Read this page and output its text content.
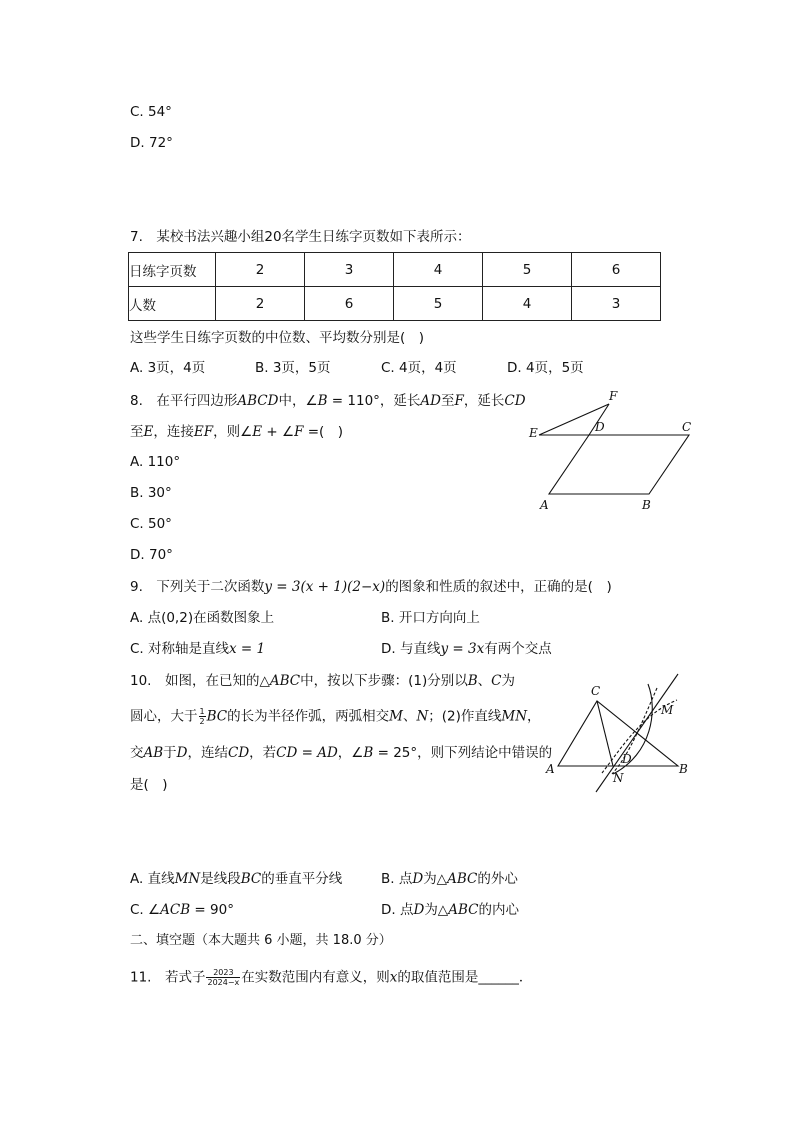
C. 54°
D. 72°
7.　某校书法兴趣小组20名学生日练字页数如下表所示：
日练字页数	2	3	4	5	6
人数	2	6	5	4	3
这些学生日练字页数的中位数、平均数分别是(　)
A. 3页，4页	B. 3页，5页	C. 4页，4页	D. 4页，5页
8.　在平行四边形ABCD中，∠B = 110°，延长AD至F，延长CD
至E，连接EF，则∠E + ∠F =(　)
A. 110°
B. 30°
C. 50°
D. 70°
F
E	D	C
A	B
9.　下列关于二次函数y = 3(x + 1)(2−x)的图象和性质的叙述中，正确的是(　)
A. 点(0,2)在函数图象上	B. 开口方向向上
C. 对称轴是直线x = 1	D. 与直线y = 3x有两个交点
10.　如图，在已知的△ABC中，按以下步骤：(1)分别以B、C为
圆心，大于 $\frac{1}{2}$ BC的长为半径作弧，两弧相交M、N；(2)作直线MN，
交AB于D，连结CD，若CD = AD，∠B = 25°，则下列结论中错误的
是(　)
C
M
A
D
N
B
A. 直线MN是线段BC的垂直平分线	B. 点D为△ABC的外心
C. ∠ACB = 90°	D. 点D为△ABC的内心
二、填空题（本大题共 6 小题，共 18.0 分）
11.　若式子 $\frac{2023}{2024-x}$ 在实数范围内有意义，则x的取值范围是______．
